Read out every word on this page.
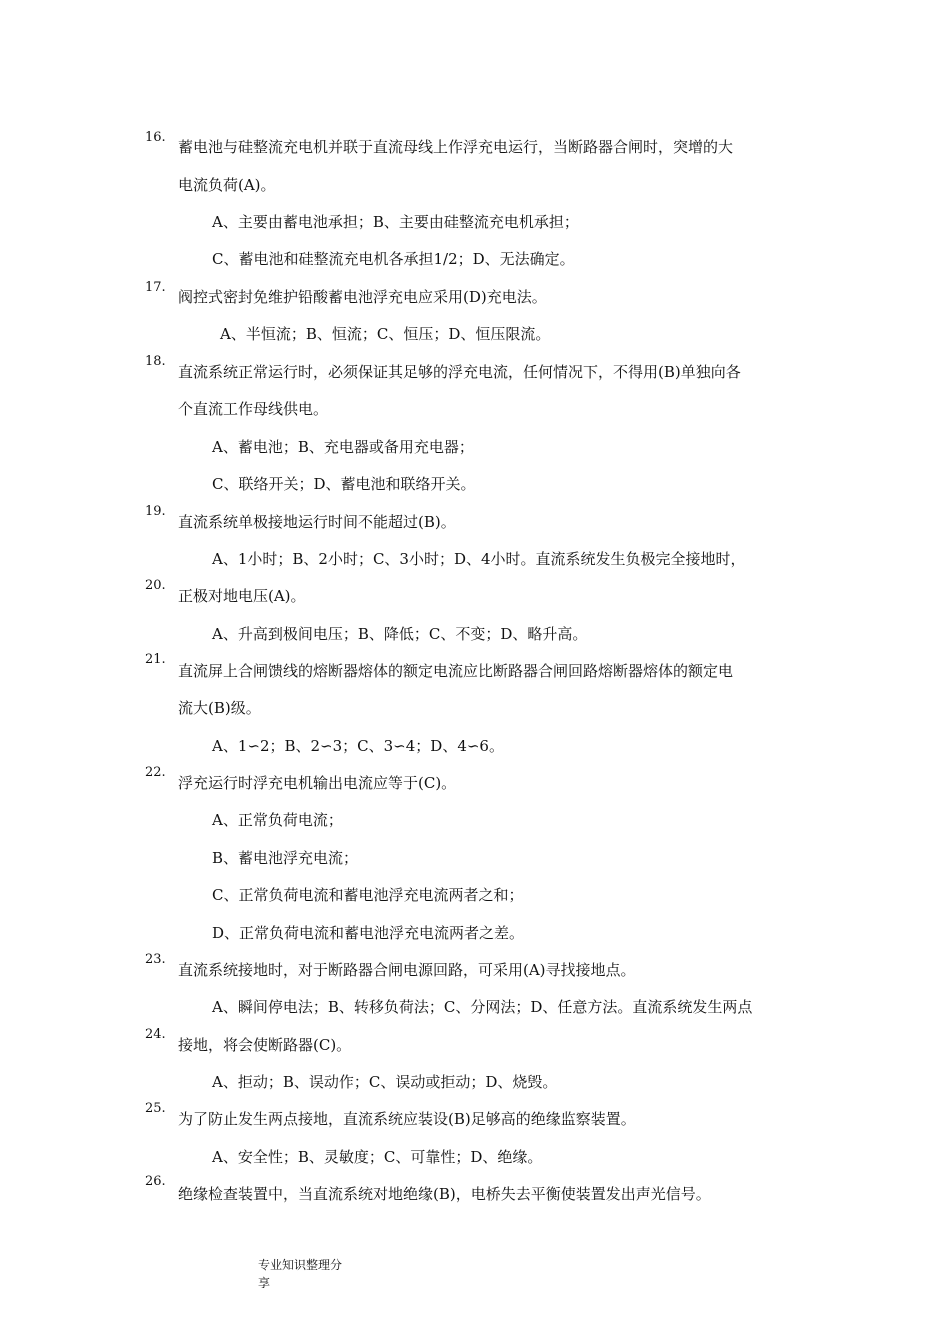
16.
蓄电池与硅整流充电机并联于直流母线上作浮充电运行，当断路器合闸时，突增的大
电流负荷(A)。
A、主要由蓄电池承担；B、主要由硅整流充电机承担；
C、蓄电池和硅整流充电机各承担1/2；D、无法确定。
17.
阀控式密封免维护铅酸蓄电池浮充电应采用(D)充电法。
A、半恒流；B、恒流；C、恒压；D、恒压限流。
18.
直流系统正常运行时，必须保证其足够的浮充电流，任何情况下，不得用(B)单独向各
个直流工作母线供电。
A、蓄电池；B、充电器或备用充电器；
C、联络开关；D、蓄电池和联络开关。
19.
直流系统单极接地运行时间不能超过(B)。
A、1小时；B、2小时；C、3小时；D、4小时。直流系统发生负极完全接地时，
20.
正极对地电压(A)。
A、升高到极间电压；B、降低；C、不变；D、略升高。
21.
直流屏上合闸馈线的熔断器熔体的额定电流应比断路器合闸回路熔断器熔体的额定电
流大(B)级。
A、1∽2；B、2∽3；C、3∽4；D、4∽6。
22.
浮充运行时浮充电机输出电流应等于(C)。
A、正常负荷电流；
B、蓄电池浮充电流；
C、正常负荷电流和蓄电池浮充电流两者之和；
D、正常负荷电流和蓄电池浮充电流两者之差。
23.
直流系统接地时，对于断路器合闸电源回路，可采用(A)寻找接地点。
A、瞬间停电法；B、转移负荷法；C、分网法；D、任意方法。直流系统发生两点
24.
接地，将会使断路器(C)。
A、拒动；B、误动作；C、误动或拒动；D、烧毁。
25.
为了防止发生两点接地，直流系统应装设(B)足够高的绝缘监察装置。
A、安全性；B、灵敏度；C、可靠性；D、绝缘。
26.
绝缘检查装置中，当直流系统对地绝缘(B)，电桥失去平衡使装置发出声光信号。
专业知识整理分
享
